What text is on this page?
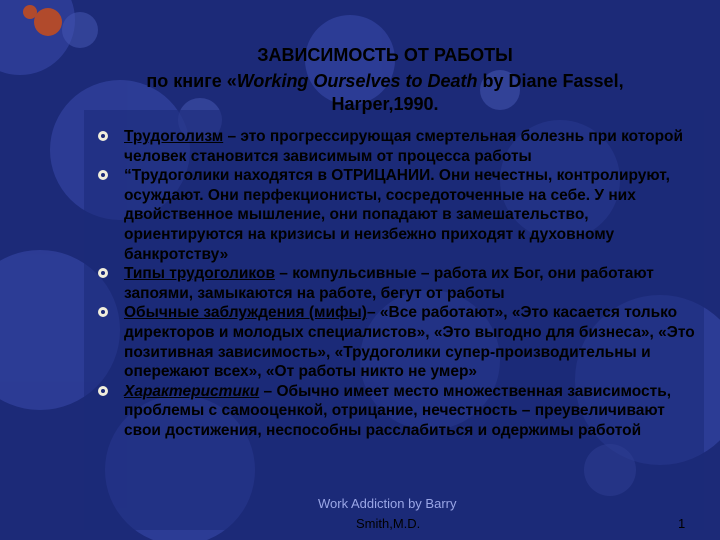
ЗАВИСИМОСТЬ ОТ РАБОТЫ
по книге «Working Ourselves to Death by Diane Fassel,
Harper,1990.
Трудоголизм – это прогрессирующая смертельная болезнь при которой человек становится зависимым от процесса работы
“Трудоголики находятся в ОТРИЦАНИИ. Они нечестны, контролируют, осуждают. Они перфекционисты, сосредоточенные на себе. У них двойственное мышление, они попадают в замешательство, ориентируются на кризисы и неизбежно приходят к духовному банкротству»
Типы трудоголиков – компульсивные – работа их Бог, они работают запоями, замыкаются на работе, бегут от работы
Обычные заблуждения (мифы)– «Все работают», «Это касается только директоров и молодых специалистов», «Это выгодно для бизнеса», «Это позитивная зависимость», «Трудоголики супер-производительны и опережают всех», «От работы никто не умер»
Характеристики – Обычно имеет место множественная зависимость, проблемы с самооценкой, отрицание, нечестность – преувеличивают свои достижения, неспособны расслабиться и одержимы работой
Work Addiction by Barry
Smith,M.D.	1
